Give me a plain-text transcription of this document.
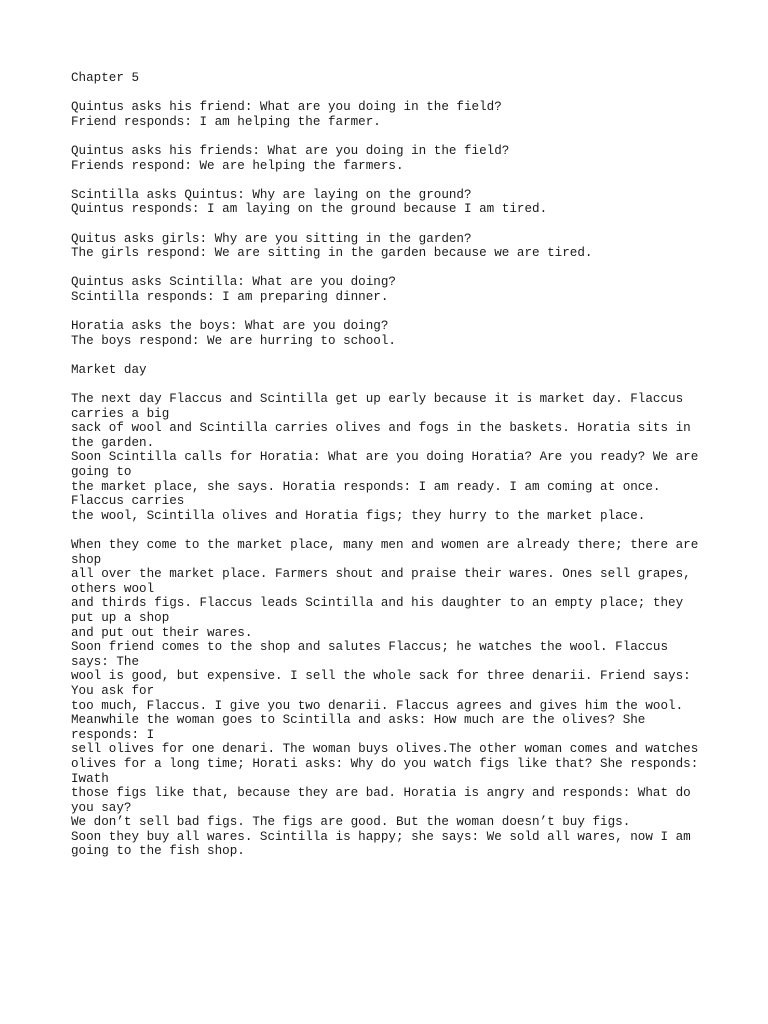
Chapter 5
Quintus asks his friend: What are you doing in the field?
Friend responds: I am helping the farmer.
Quintus asks his friends: What are you doing in the field?
Friends respond: We are helping the farmers.
Scintilla asks Quintus: Why are laying on the ground?
Quintus responds: I am laying on the ground because I am tired.
Quitus asks girls: Why are you sitting in the garden?
The girls respond: We are sitting in the garden because we are tired.
Quintus asks Scintilla: What are you doing?
Scintilla responds: I am preparing dinner.
Horatia asks the boys: What are you doing?
The boys respond: We are hurring to school.
Market day
The next day Flaccus and Scintilla get up early because it is market day. Flaccus
carries a big
sack of wool and Scintilla carries olives and fogs in the baskets. Horatia sits in
the garden.
Soon Scintilla calls for Horatia: What are you doing Horatia? Are you ready? We are
going to
the market place, she says. Horatia responds: I am ready. I am coming at once.
Flaccus carries
the wool, Scintilla olives and Horatia figs; they hurry to the market place.
When they come to the market place, many men and women are already there; there are
shop
all over the market place. Farmers shout and praise their wares. Ones sell grapes,
others wool
and thirds figs. Flaccus leads Scintilla and his daughter to an empty place; they
put up a shop
and put out their wares.
Soon friend comes to the shop and salutes Flaccus; he watches the wool. Flaccus
says: The
wool is good, but expensive. I sell the whole sack for three denarii. Friend says:
You ask for
too much, Flaccus. I give you two denarii. Flaccus agrees and gives him the wool.
Meanwhile the woman goes to Scintilla and asks: How much are the olives? She
responds: I
sell olives for one denari. The woman buys olives.The other woman comes and watches
olives for a long time; Horati asks: Why do you watch figs like that? She responds:
Iwath
those figs like that, because they are bad. Horatia is angry and responds: What do
you say?
We don’t sell bad figs. The figs are good. But the woman doesn’t buy figs.
Soon they buy all wares. Scintilla is happy; she says: We sold all wares, now I am
going to the fish shop.
